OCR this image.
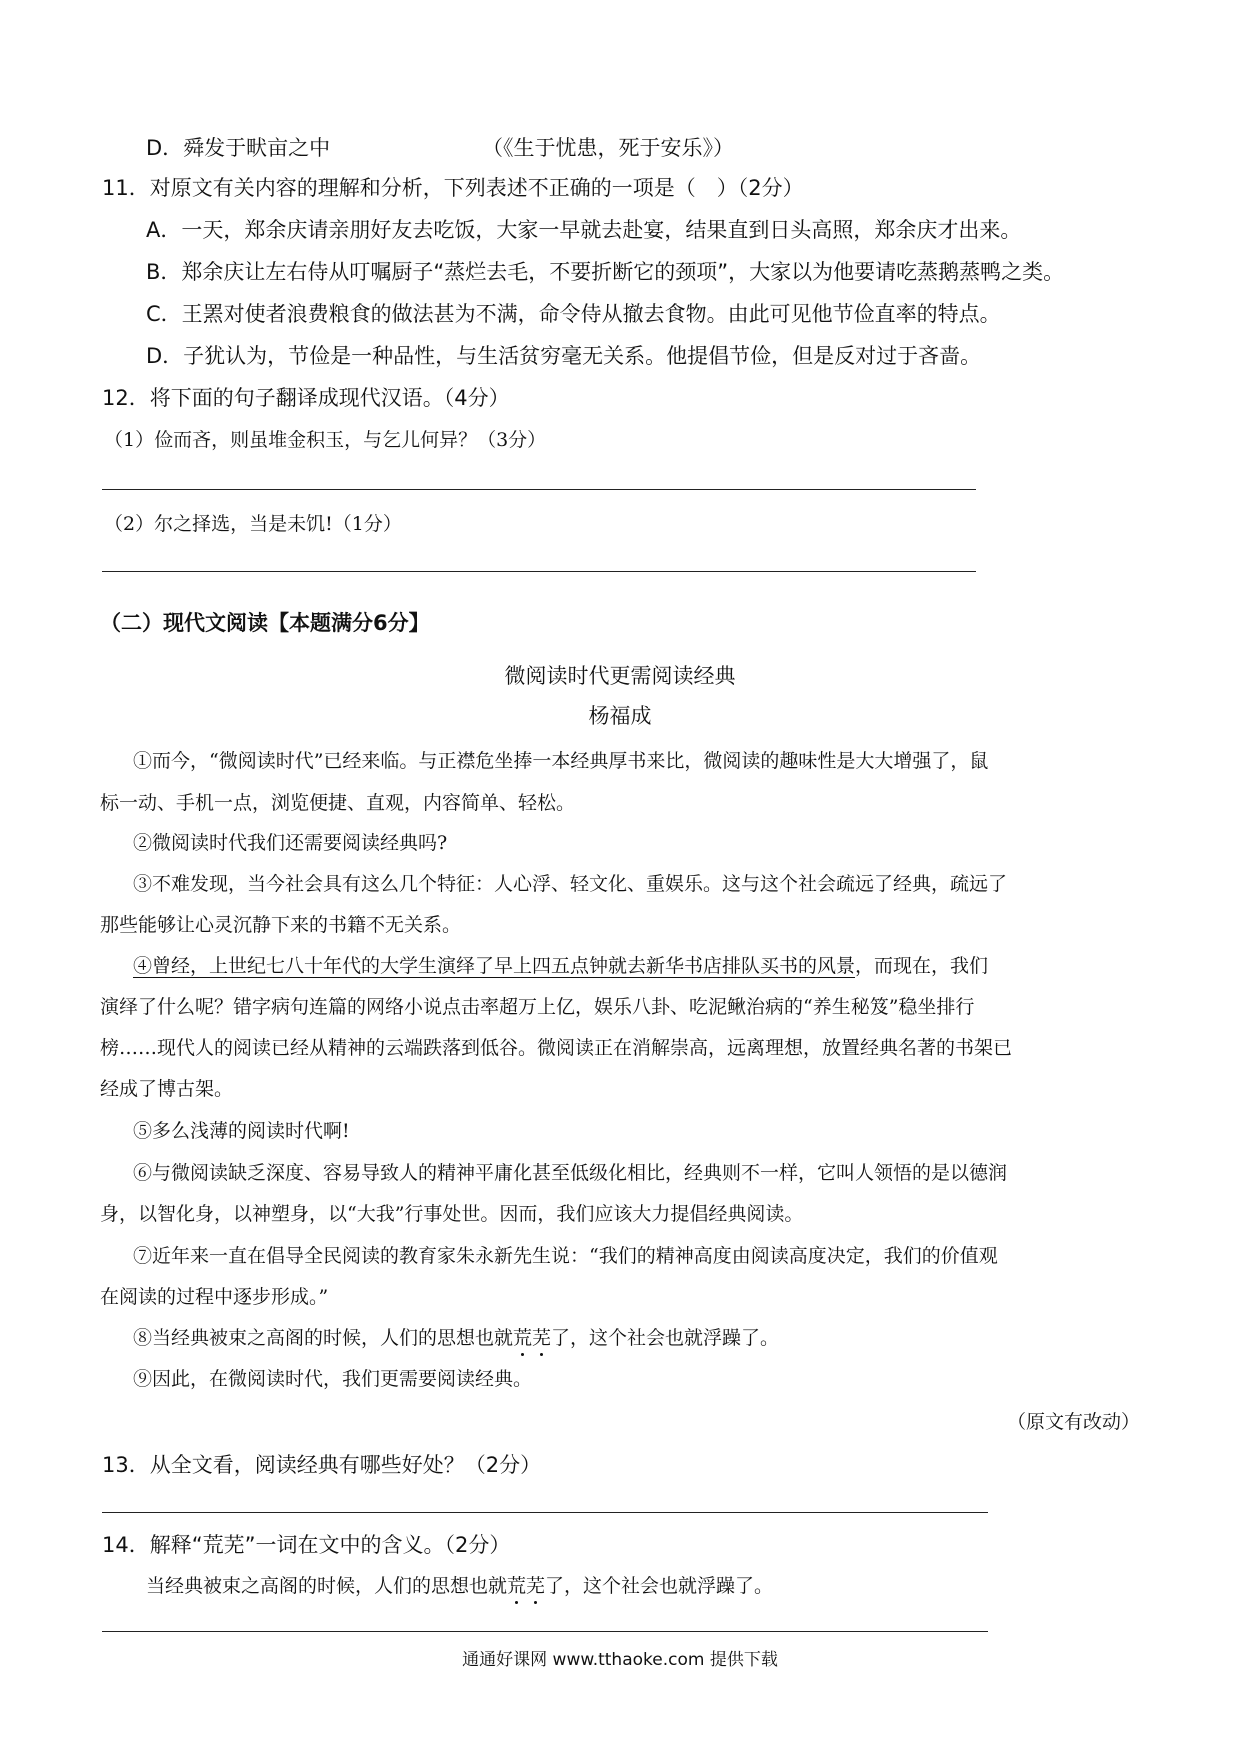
D．舜发于畎亩之中	（《生于忧患，死于安乐》）
11．对原文有关内容的理解和分析，下列表述不正确的一项是（　）（2分）
A．一天，郑余庆请亲朋好友去吃饭，大家一早就去赴宴，结果直到日头高照，郑余庆才出来。
B．郑余庆让左右侍从叮嘱厨子“蒸烂去毛，不要折断它的颈项”，大家以为他要请吃蒸鹅蒸鸭之类。
C．王罴对使者浪费粮食的做法甚为不满，命令侍从撤去食物。由此可见他节俭直率的特点。
D．子犹认为，节俭是一种品性，与生活贫穷毫无关系。他提倡节俭，但是反对过于吝啬。
12．将下面的句子翻译成现代汉语。（4分）
（1）俭而吝，则虽堆金积玉，与乞儿何异？（3分）
（2）尔之择选，当是未饥!（1分）
（二）现代文阅读【本题满分6分】
微阅读时代更需阅读经典
杨福成
①而今，“微阅读时代”已经来临。与正襟危坐捧一本经典厚书来比，微阅读的趣味性是大大增强了，鼠
标一动、手机一点，浏览便捷、直观，内容简单、轻松。
②微阅读时代我们还需要阅读经典吗?
③不难发现，当今社会具有这么几个特征：人心浮、轻文化、重娱乐。这与这个社会疏远了经典，疏远了
那些能够让心灵沉静下来的书籍不无关系。
④曾经，上世纪七八十年代的大学生演绎了早上四五点钟就去新华书店排队买书的风景，而现在，我们
演绎了什么呢？错字病句连篇的网络小说点击率超万上亿，娱乐八卦、吃泥鳅治病的“养生秘笈”稳坐排行
榜……现代人的阅读已经从精神的云端跌落到低谷。微阅读正在消解崇高，远离理想，放置经典名著的书架已
经成了博古架。
⑤多么浅薄的阅读时代啊!
⑥与微阅读缺乏深度、容易导致人的精神平庸化甚至低级化相比，经典则不一样，它叫人领悟的是以德润
身，以智化身，以神塑身，以“大我”行事处世。因而，我们应该大力提倡经典阅读。
⑦近年来一直在倡导全民阅读的教育家朱永新先生说：“我们的精神高度由阅读高度决定，我们的价值观
在阅读的过程中逐步形成。”
⑧当经典被束之高阁的时候，人们的思想也就荒芜了，这个社会也就浮躁了。
⑨因此，在微阅读时代，我们更需要阅读经典。
（原文有改动）
13．从全文看，阅读经典有哪些好处？（2分）
14．解释“荒芜”一词在文中的含义。（2分）
当经典被束之高阁的时候，人们的思想也就荒芜了，这个社会也就浮躁了。
通通好课网 www.tthaoke.com 提供下载
